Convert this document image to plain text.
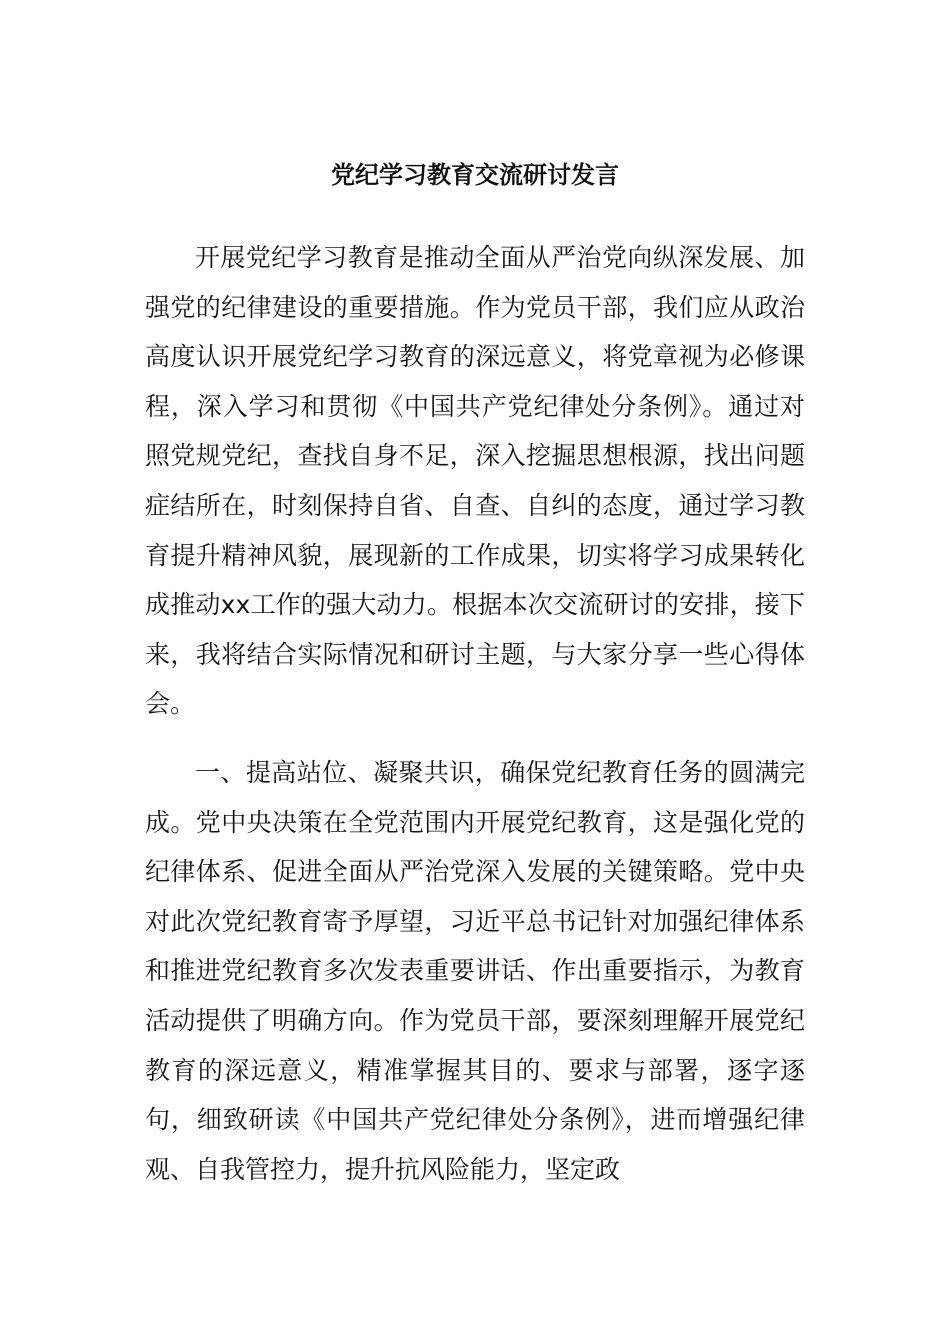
党纪学习教育交流研讨发言

开展党纪学习教育是推动全面从严治党向纵深发展、加强党的纪律建设的重要措施。作为党员干部，我们应从政治高度认识开展党纪学习教育的深远意义，将党章视为必修课程，深入学习和贯彻《中国共产党纪律处分条例》。通过对照党规党纪，查找自身不足，深入挖掘思想根源，找出问题症结所在，时刻保持自省、自查、自纠的态度，通过学习教育提升精神风貌，展现新的工作成果，切实将学习成果转化成推动xx工作的强大动力。根据本次交流研讨的安排，接下来，我将结合实际情况和研讨主题，与大家分享一些心得体会。

一、提高站位、凝聚共识，确保党纪教育任务的圆满完成。党中央决策在全党范围内开展党纪教育，这是强化党的纪律体系、促进全面从严治党深入发展的关键策略。党中央对此次党纪教育寄予厚望，习近平总书记针对加强纪律体系和推进党纪教育多次发表重要讲话、作出重要指示，为教育活动提供了明确方向。作为党员干部，要深刻理解开展党纪教育的深远意义，精准掌握其目的、要求与部署，逐字逐句，细致研读《中国共产党纪律处分条例》，进而增强纪律观、自我管控力，提升抗风险能力，坚定政
